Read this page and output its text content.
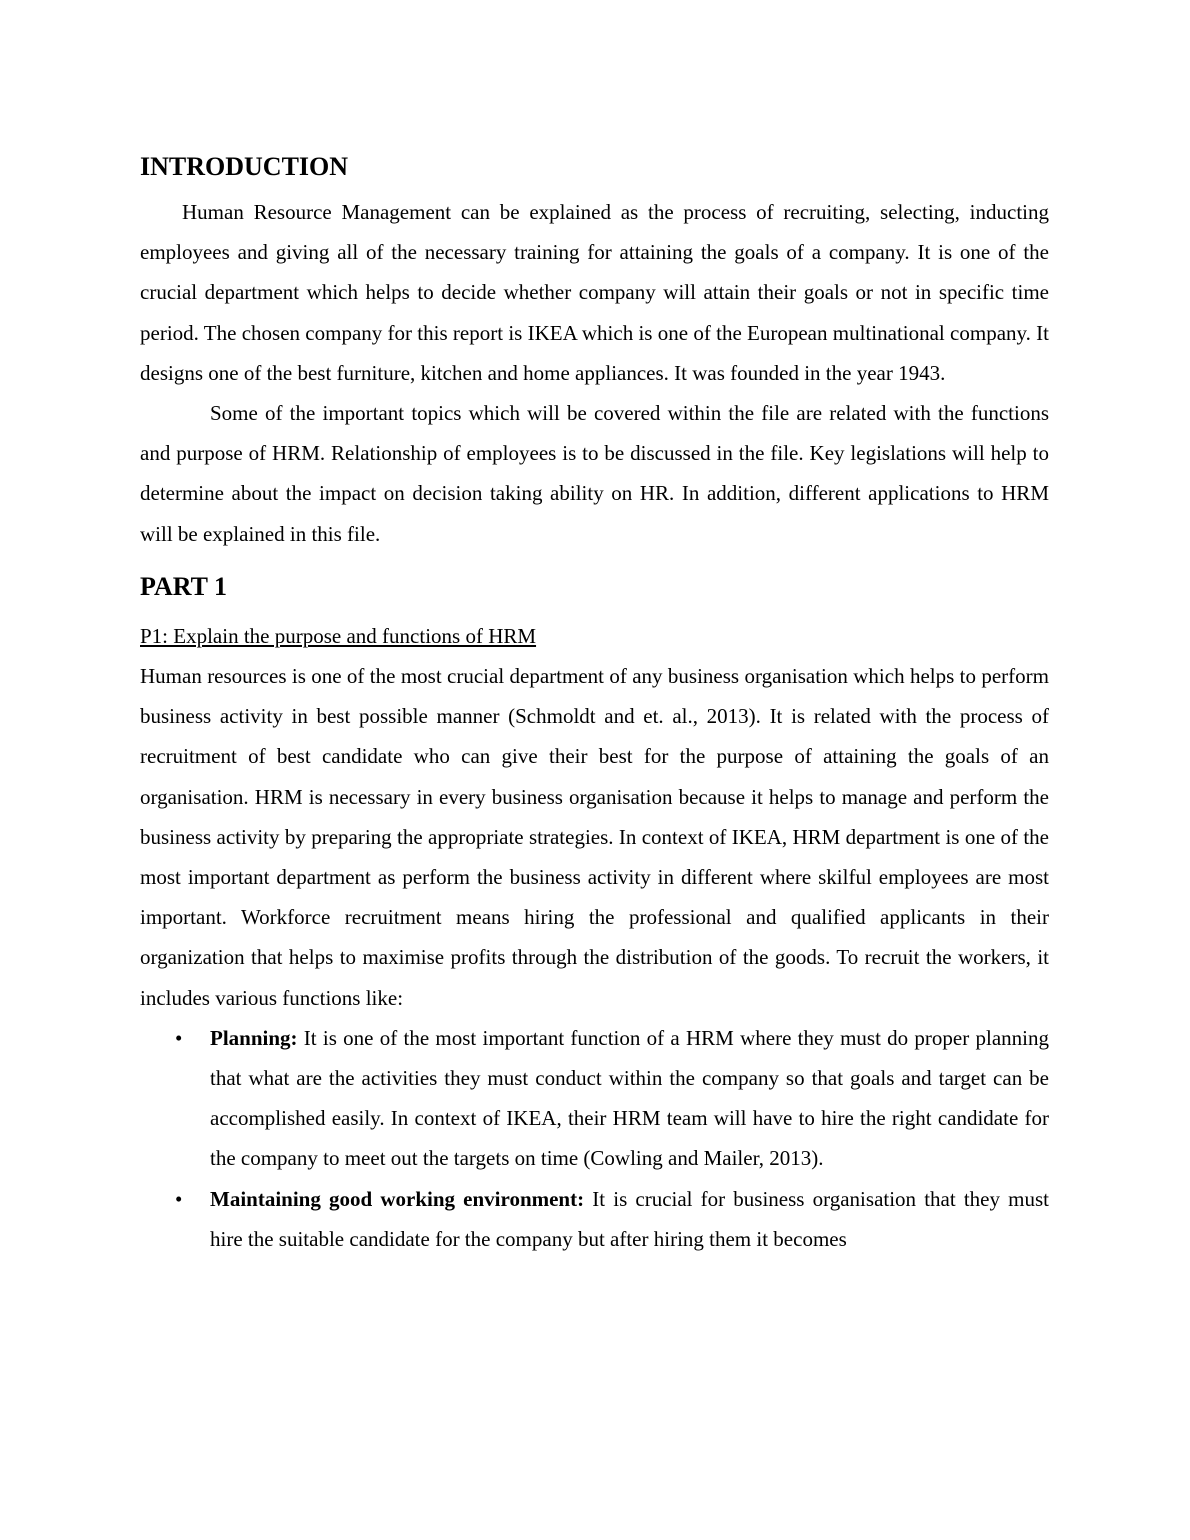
INTRODUCTION

Human Resource Management can be explained as the process of recruiting, selecting, inducting employees and giving all of the necessary training for attaining the goals of a company. It is one of the crucial department which helps to decide whether company will attain their goals or not in specific time period. The chosen company for this report is IKEA which is one of the European multinational company. It designs one of the best furniture, kitchen and home appliances. It was founded in the year 1943.

Some of the important topics which will be covered within the file are related with the functions and purpose of HRM. Relationship of employees is to be discussed in the file. Key legislations will help to determine about the impact on decision taking ability on HR. In addition, different applications to HRM will be explained in this file.

PART 1
P1: Explain the purpose and functions of HRM

Human resources is one of the most crucial department of any business organisation which helps to perform business activity in best possible manner (Schmoldt and et. al., 2013). It is related with the process of recruitment of best candidate who can give their best for the purpose of attaining the goals of an organisation. HRM is necessary in every business organisation because it helps to manage and perform the business activity by preparing the appropriate strategies. In context of IKEA, HRM department is one of the most important department as perform the business activity in different where skilful employees are most important. Workforce recruitment means hiring the professional and qualified applicants in their organization that helps to maximise profits through the distribution of the goods. To recruit the workers, it includes various functions like:

• Planning: It is one of the most important function of a HRM where they must do proper planning that what are the activities they must conduct within the company so that goals and target can be accomplished easily. In context of IKEA, their HRM team will have to hire the right candidate for the company to meet out the targets on time (Cowling and Mailer, 2013).
• Maintaining good working environment: It is crucial for business organisation that they must hire the suitable candidate for the company but after hiring them it becomes
